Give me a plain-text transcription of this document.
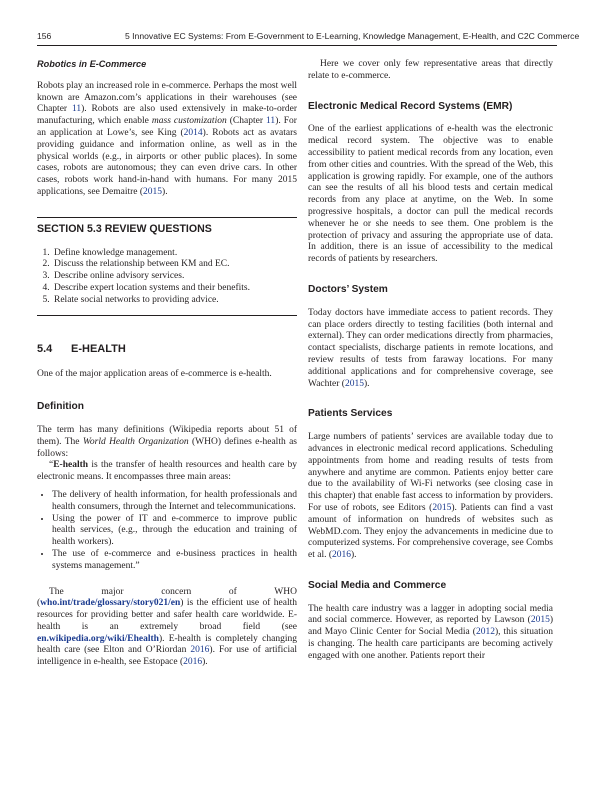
156	5 Innovative EC Systems: From E-Government to E-Learning, Knowledge Management, E-Health, and C2C Commerce
Robotics in E-Commerce

Robots play an increased role in e-commerce. Perhaps the most well known are Amazon.com’s applications in their warehouses (see Chapter 11). Robots are also used extensively in make-to-order manufacturing, which enable mass customization (Chapter 11). For an application at Lowe’s, see King (2014). Robots act as avatars providing guidance and information online, as well as in the physical worlds (e.g., in airports or other public places). In some cases, robots are autonomous; they can even drive cars. In other cases, robots work hand-in-hand with humans. For many 2015 applications, see Demaitre (2015).

SECTION 5.3 REVIEW QUESTIONS
1. Define knowledge management.
2. Discuss the relationship between KM and EC.
3. Describe online advisory services.
4. Describe expert location systems and their benefits.
5. Relate social networks to providing advice.
5.4 E-HEALTH

One of the major application areas of e-commerce is e-health.

Definition

The term has many definitions (Wikipedia reports about 51 of them). The World Health Organization (WHO) defines e-health as follows:

“E-health is the transfer of health resources and health care by electronic means. It encompasses three main areas:

• The delivery of health information, for health professionals and health consumers, through the Internet and telecommunications.
• Using the power of IT and e-commerce to improve public health services, (e.g., through the education and training of health workers).
• The use of e-commerce and e-business practices in health systems management.”

The major concern of WHO (who.int/trade/glossary/story021/en) is the efficient use of health resources for providing better and safer health care worldwide. E-health is an extremely broad field (see en.wikipedia.org/wiki/Ehealth). E-health is completely changing health care (see Elton and O’Riordan 2016). For use of artificial intelligence in e-health, see Estopace (2016).

Here we cover only few representative areas that directly relate to e-commerce.

Electronic Medical Record Systems (EMR)

One of the earliest applications of e-health was the electronic medical record system. The objective was to enable accessibility to patient medical records from any location, even from other cities and countries. With the spread of the Web, this application is growing rapidly. For example, one of the authors can see the results of all his blood tests and certain medical records from any place at anytime, on the Web. In some progressive hospitals, a doctor can pull the medical records whenever he or she needs to see them. One problem is the protection of privacy and assuring the appropriate use of data. In addition, there is an issue of accessibility to the medical records of patients by researchers.

Doctors’ System

Today doctors have immediate access to patient records. They can place orders directly to testing facilities (both internal and external). They can order medications directly from pharmacies, contact specialists, discharge patients in remote locations, and review results of tests from faraway locations. For many additional applications and for comprehensive coverage, see Wachter (2015).

Patients Services

Large numbers of patients’ services are available today due to advances in electronic medical record applications. Scheduling appointments from home and reading results of tests from anywhere and anytime are common. Patients enjoy better care due to the availability of Wi-Fi networks (see closing case in this chapter) that enable fast access to information by providers. For use of robots, see Editors (2015). Patients can find a vast amount of information on hundreds of websites such as WebMD.com. They enjoy the advancements in medicine due to computerized systems. For comprehensive coverage, see Combs et al. (2016).

Social Media and Commerce

The health care industry was a lagger in adopting social media and social commerce. However, as reported by Lawson (2015) and Mayo Clinic Center for Social Media (2012), this situation is changing. The health care participants are becoming actively engaged with one another. Patients report their
